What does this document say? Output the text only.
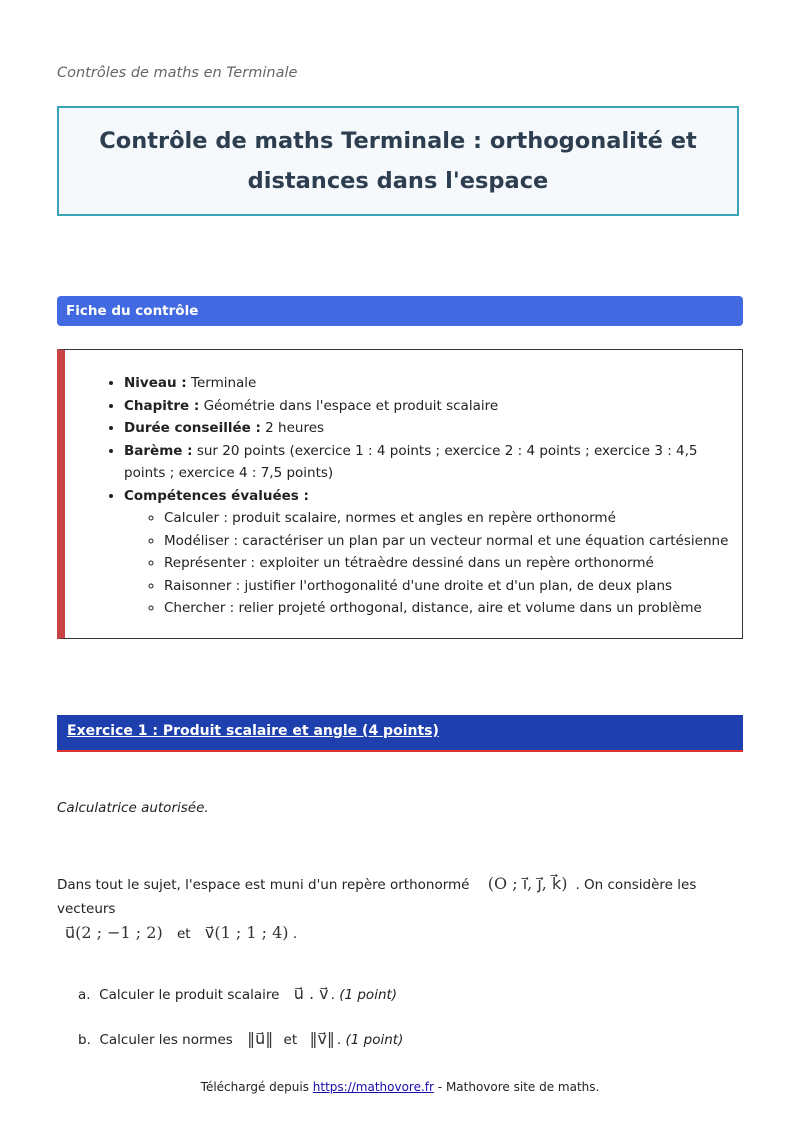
Contrôles de maths en Terminale
Contrôle de maths Terminale : orthogonalité et distances dans l'espace
Fiche du contrôle
• Niveau : Terminale
• Chapitre : Géométrie dans l'espace et produit scalaire
• Durée conseillée : 2 heures
• Barème : sur 20 points (exercice 1 : 4 points ; exercice 2 : 4 points ; exercice 3 : 4,5 points ; exercice 4 : 7,5 points)
• Compétences évaluées :
◦ Calculer : produit scalaire, normes et angles en repère orthonormé
◦ Modéliser : caractériser un plan par un vecteur normal et une équation cartésienne
◦ Représenter : exploiter un tétraèdre dessiné dans un repère orthonormé
◦ Raisonner : justifier l'orthogonalité d'une droite et d'un plan, de deux plans
◦ Chercher : relier projeté orthogonal, distance, aire et volume dans un problème
Exercice 1 : Produit scalaire et angle (4 points)
Calculatrice autorisée.
Dans tout le sujet, l'espace est muni d'un repère orthonormé (O ; i⃗, j⃗, k⃗) . On considère les vecteurs
u⃗(2 ; −1 ; 2) et v⃗(1 ; 1 ; 4) .
a. Calculer le produit scalaire u⃗ . v⃗ . (1 point)
b. Calculer les normes ‖u⃗‖ et ‖v⃗‖ . (1 point)
Téléchargé depuis https://mathovore.fr - Mathovore site de maths.
